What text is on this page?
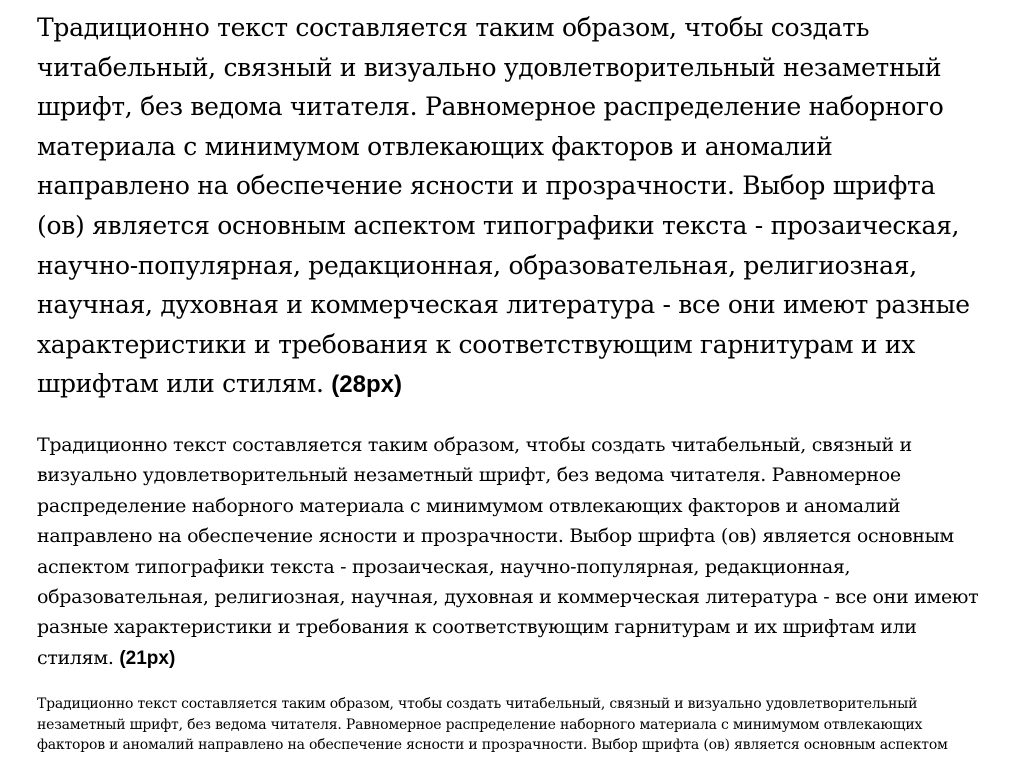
Традиционно текст составляется таким образом, чтобы создать
читабельный, связный и визуально удовлетворительный незаметный
шрифт, без ведома читателя. Равномерное распределение наборного
материала с минимумом отвлекающих факторов и аномалий
направлено на обеспечение ясности и прозрачности. Выбор шрифта
(ов) является основным аспектом типографики текста - прозаическая,
научно-популярная, редакционная, образовательная, религиозная,
научная, духовная и коммерческая литература - все они имеют разные
характеристики и требования к соответствующим гарнитурам и их
шрифтам или стилям. (28px)

Традиционно текст составляется таким образом, чтобы создать читабельный, связный и
визуально удовлетворительный незаметный шрифт, без ведома читателя. Равномерное
распределение наборного материала с минимумом отвлекающих факторов и аномалий
направлено на обеспечение ясности и прозрачности. Выбор шрифта (ов) является основным
аспектом типографики текста - прозаическая, научно-популярная, редакционная,
образовательная, религиозная, научная, духовная и коммерческая литература - все они имеют
разные характеристики и требования к соответствующим гарнитурам и их шрифтам или
стилям. (21px)

Традиционно текст составляется таким образом, чтобы создать читабельный, связный и визуально удовлетворительный
незаметный шрифт, без ведома читателя. Равномерное распределение наборного материала с минимумом отвлекающих
факторов и аномалий направлено на обеспечение ясности и прозрачности. Выбор шрифта (ов) является основным аспектом
